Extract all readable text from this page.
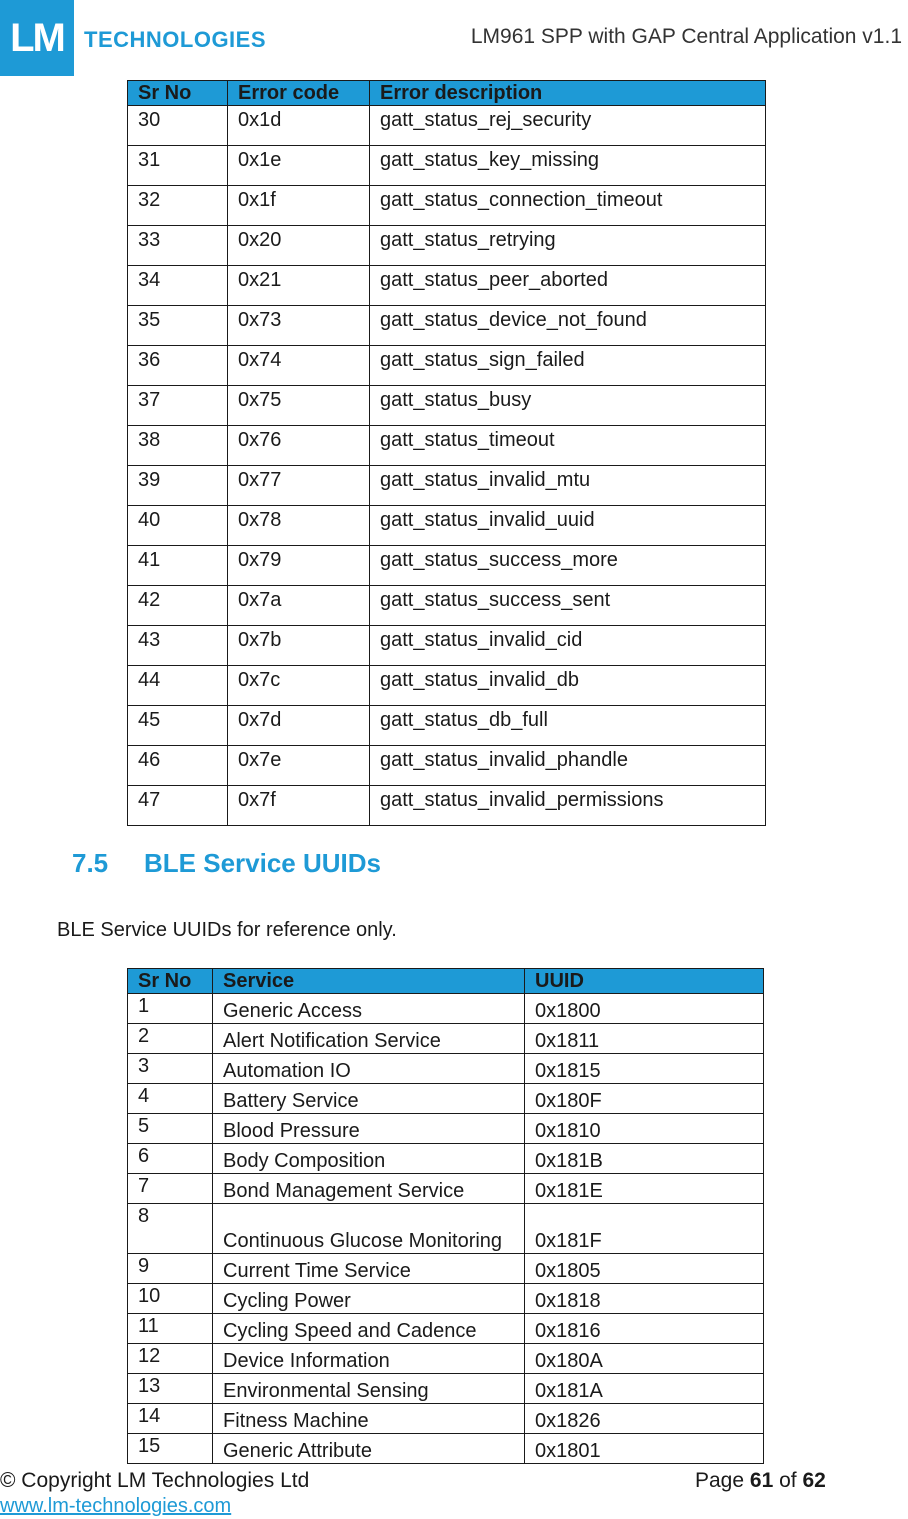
LM TECHNOLOGIES	LM961 SPP with GAP Central Application v1.1
Sr No	Error code	Error description
30	0x1d	gatt_status_rej_security
31	0x1e	gatt_status_key_missing
32	0x1f	gatt_status_connection_timeout
33	0x20	gatt_status_retrying
34	0x21	gatt_status_peer_aborted
35	0x73	gatt_status_device_not_found
36	0x74	gatt_status_sign_failed
37	0x75	gatt_status_busy
38	0x76	gatt_status_timeout
39	0x77	gatt_status_invalid_mtu
40	0x78	gatt_status_invalid_uuid
41	0x79	gatt_status_success_more
42	0x7a	gatt_status_success_sent
43	0x7b	gatt_status_invalid_cid
44	0x7c	gatt_status_invalid_db
45	0x7d	gatt_status_db_full
46	0x7e	gatt_status_invalid_phandle
47	0x7f	gatt_status_invalid_permissions
7.5 BLE Service UUIDs
BLE Service UUIDs for reference only.
Sr No	Service	UUID
1	Generic Access	0x1800
2	Alert Notification Service	0x1811
3	Automation IO	0x1815
4	Battery Service	0x180F
5	Blood Pressure	0x1810
6	Body Composition	0x181B
7	Bond Management Service	0x181E
8	Continuous Glucose Monitoring	0x181F
9	Current Time Service	0x1805
10	Cycling Power	0x1818
11	Cycling Speed and Cadence	0x1816
12	Device Information	0x180A
13	Environmental Sensing	0x181A
14	Fitness Machine	0x1826
15	Generic Attribute	0x1801
© Copyright LM Technologies Ltd
www.lm-technologies.com
Page 61 of 62
